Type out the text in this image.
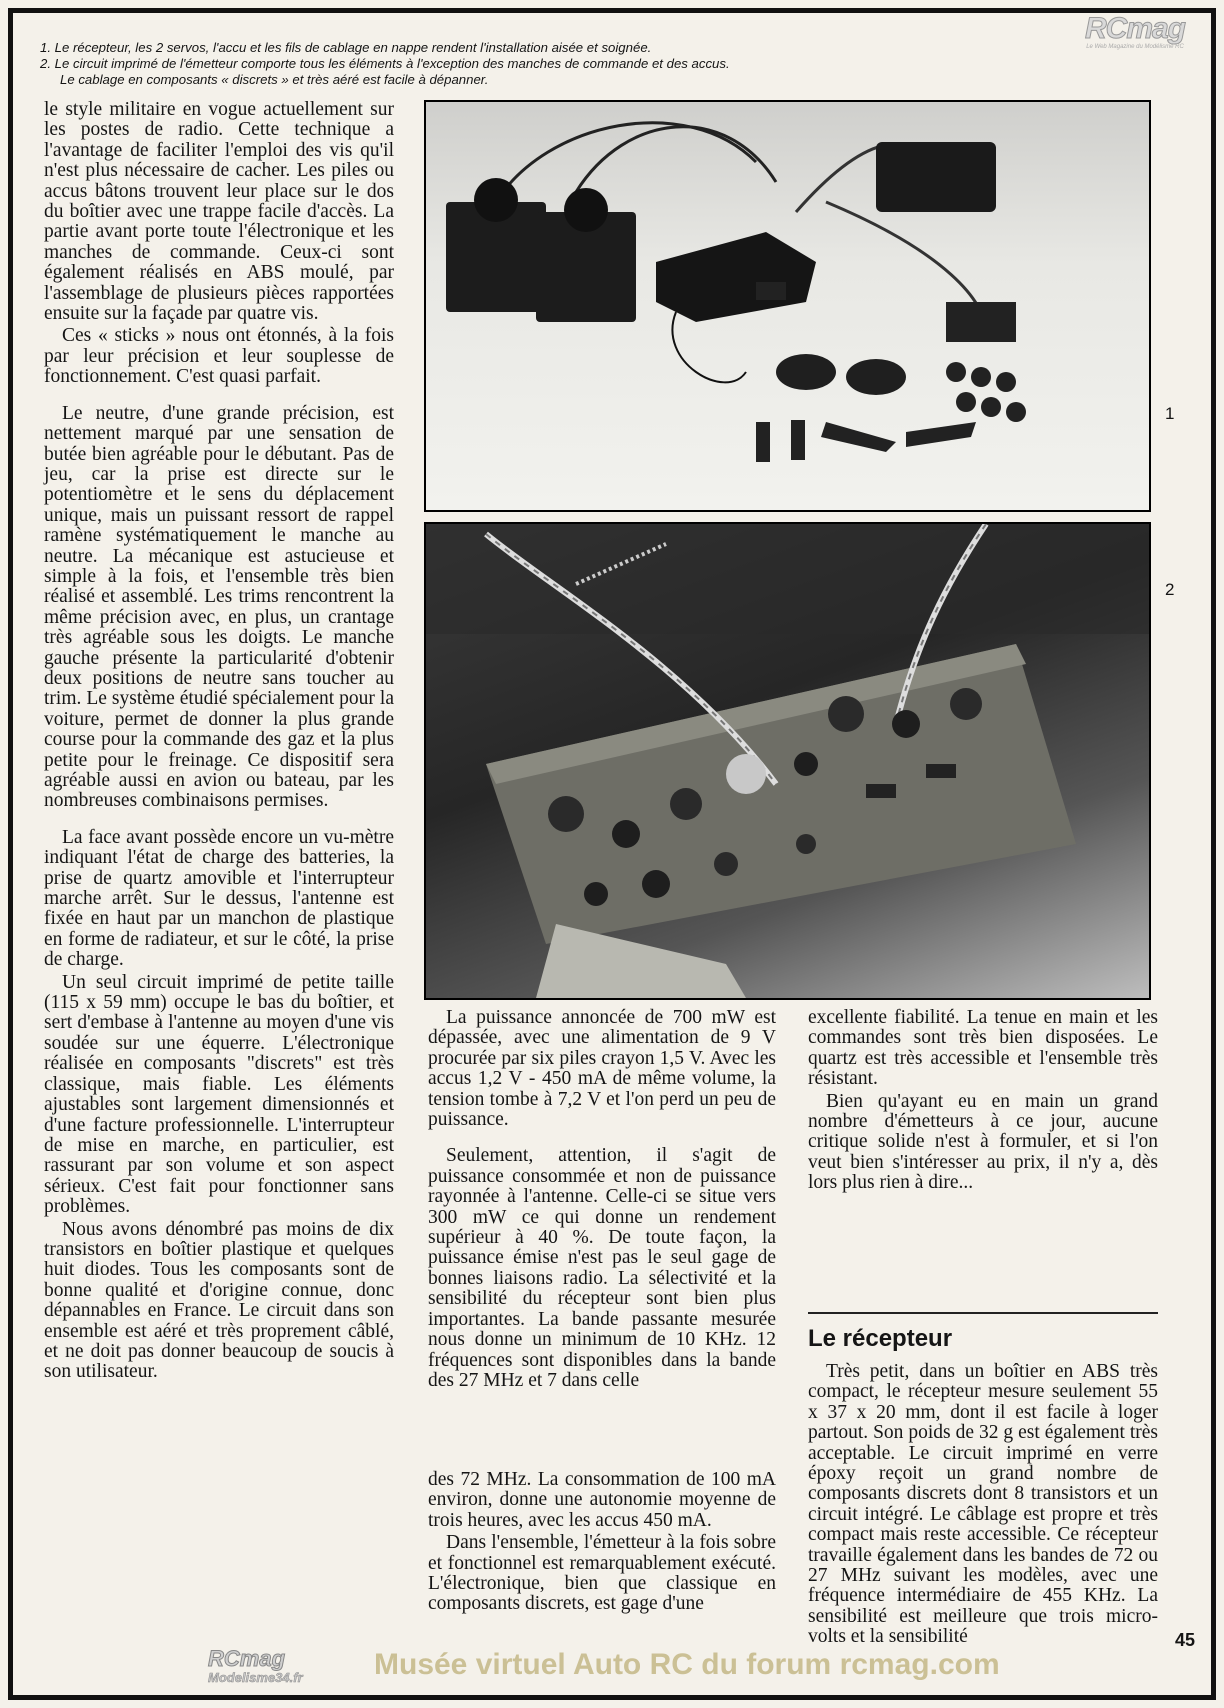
1. Le récepteur, les 2 servos, l'accu et les fils de cablage en nappe rendent l'installation aisée et soignée.
2. Le circuit imprimé de l'émetteur comporte tous les éléments à l'exception des manches de commande et des accus.
Le cablage en composants « discrets » et très aéré est facile à dépanner.
RCmag
Le Web Magazine du Modélisme RC

le style militaire en vogue actuellement sur les postes de radio. Cette technique a l'avantage de faciliter l'emploi des vis qu'il n'est plus nécessaire de cacher. Les piles ou accus bâtons trouvent leur place sur le dos du boîtier avec une trappe facile d'accès. La partie avant porte toute l'électronique et les manches de commande. Ceux-ci sont également réalisés en ABS moulé, par l'assemblage de plusieurs pièces rapportées ensuite sur la façade par quatre vis.

Ces « sticks » nous ont étonnés, à la fois par leur précision et leur souplesse de fonctionnement. C'est quasi parfait.

Le neutre, d'une grande précision, est nettement marqué par une sensation de butée bien agréable pour le débutant. Pas de jeu, car la prise est directe sur le potentiomètre et le sens du déplacement unique, mais un puissant ressort de rappel ramène systématiquement le manche au neutre. La mécanique est astucieuse et simple à la fois, et l'ensemble très bien réalisé et assemblé. Les trims rencontrent la même précision avec, en plus, un crantage très agréable sous les doigts. Le manche gauche présente la particularité d'obtenir deux positions de neutre sans toucher au trim. Le système étudié spécialement pour la voiture, permet de donner la plus grande course pour la commande des gaz et la plus petite pour le freinage. Ce dispositif sera agréable aussi en avion ou bateau, par les nombreuses combinaisons permises.

La face avant possède encore un vu-mètre indiquant l'état de charge des batteries, la prise de quartz amovible et l'interrupteur marche arrêt. Sur le dessus, l'antenne est fixée en haut par un manchon de plastique en forme de radiateur, et sur le côté, la prise de charge.

Un seul circuit imprimé de petite taille (115 x 59 mm) occupe le bas du boîtier, et sert d'embase à l'antenne au moyen d'une vis soudée sur une équerre. L'électronique réalisée en composants "discrets" est très classique, mais fiable. Les éléments ajustables sont largement dimensionnés et d'une facture professionnelle. L'interrupteur de mise en marche, en particulier, est rassurant par son volume et son aspect sérieux. C'est fait pour fonctionner sans problèmes.

Nous avons dénombré pas moins de dix transistors en boîtier plastique et quelques huit diodes. Tous les composants sont de bonne qualité et d'origine connue, donc dépannables en France. Le circuit dans son ensemble est aéré et très proprement câblé, et ne doit pas donner beaucoup de soucis à son utilisateur.

1
2

La puissance annoncée de 700 mW est dépassée, avec une alimentation de 9 V procurée par six piles crayon 1,5 V. Avec les accus 1,2 V - 450 mA de même volume, la tension tombe à 7,2 V et l'on perd un peu de puissance.

Seulement, attention, il s'agit de puissance consommée et non de puissance rayonnée à l'antenne. Celle-ci se situe vers 300 mW ce qui donne un rendement supérieur à 40 %. De toute façon, la puissance émise n'est pas le seul gage de bonnes liaisons radio. La sélectivité et la sensibilité du récepteur sont bien plus importantes. La bande passante mesurée nous donne un minimum de 10 KHz. 12 fréquences sont disponibles dans la bande des 27 MHz et 7 dans celle

des 72 MHz. La consommation de 100 mA environ, donne une autonomie moyenne de trois heures, avec les accus 450 mA.

Dans l'ensemble, l'émetteur à la fois sobre et fonctionnel est remarquablement exécuté. L'électronique, bien que classique en composants discrets, est gage d'une

excellente fiabilité. La tenue en main et les commandes sont très bien disposées. Le quartz est très accessible et l'ensemble très résistant.

Bien qu'ayant eu en main un grand nombre d'émetteurs à ce jour, aucune critique solide n'est à formuler, et si l'on veut bien s'intéresser au prix, il n'y a, dès lors plus rien à dire...

Le récepteur

Très petit, dans un boîtier en ABS très compact, le récepteur mesure seulement 55 x 37 x 20 mm, dont il est facile à loger partout. Son poids de 32 g est également très acceptable. Le circuit imprimé en verre époxy reçoit un grand nombre de composants discrets dont 8 transistors et un circuit intégré. Le câblage est propre et très compact mais reste accessible. Ce récepteur travaille également dans les bandes de 72 ou 27 MHz suivant les modèles, avec une fréquence intermédiaire de 455 KHz. La sensibilité est meilleure que trois micro-volts et la sensibilité	45
RCmag
Modelisme34.fr	Musée virtuel Auto RC du forum rcmag.com
